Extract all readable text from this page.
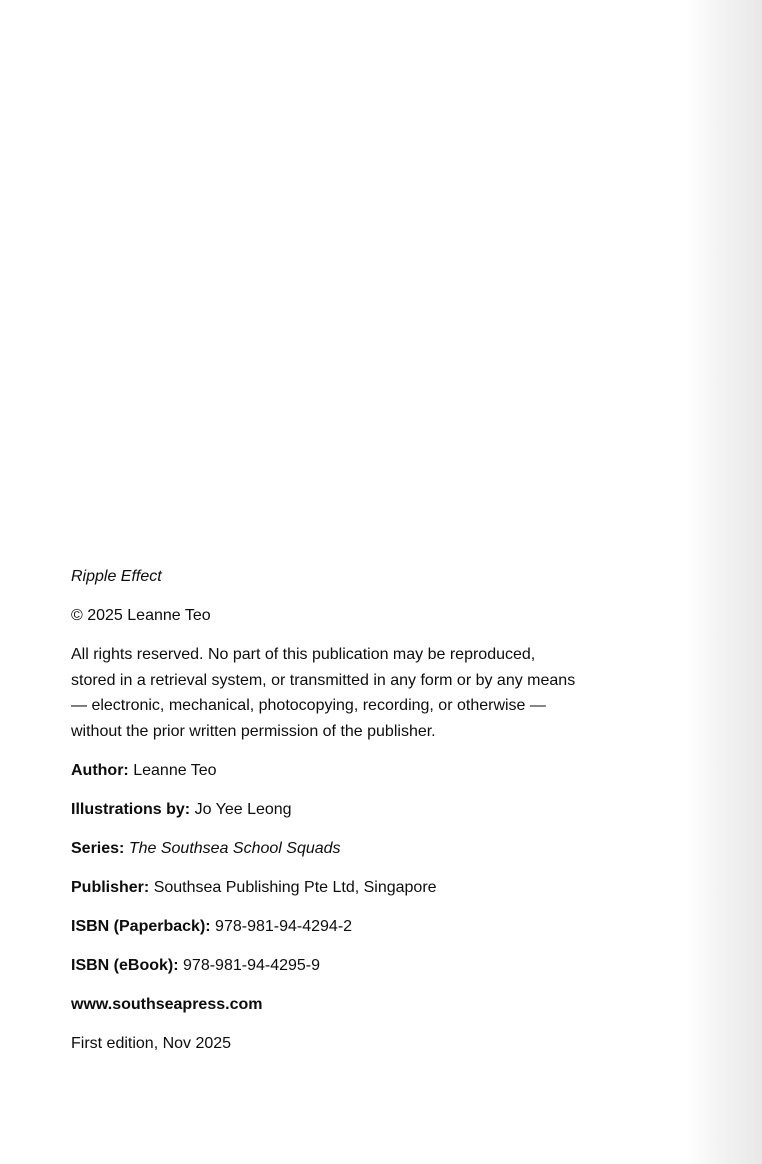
Ripple Effect
© 2025 Leanne Teo
All rights reserved. No part of this publication may be reproduced,
stored in a retrieval system, or transmitted in any form or by any means
— electronic, mechanical, photocopying, recording, or otherwise —
without the prior written permission of the publisher.
Author: Leanne Teo
Illustrations by: Jo Yee Leong
Series: The Southsea School Squads
Publisher: Southsea Publishing Pte Ltd, Singapore
ISBN (Paperback): 978-981-94-4294-2
ISBN (eBook): 978-981-94-4295-9
www.southseapress.com
First edition, Nov 2025
